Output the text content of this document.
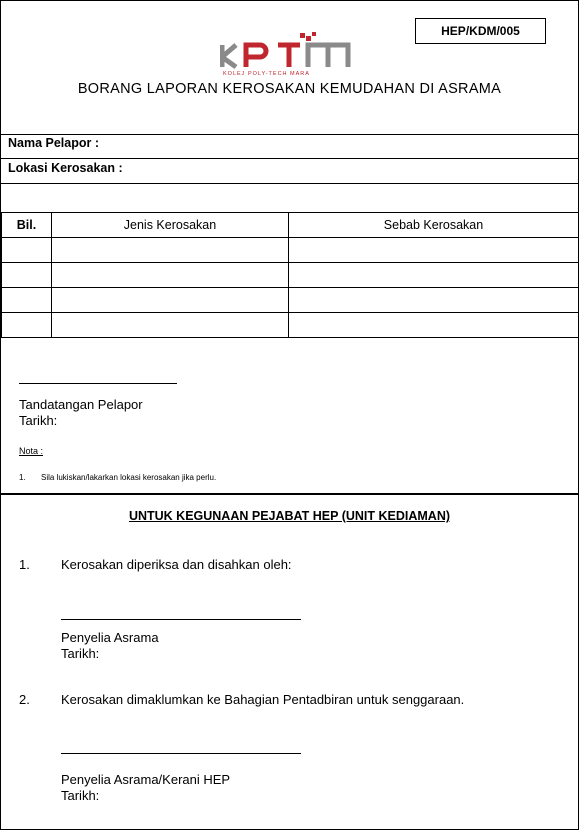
HEP/KDM/005
KOLEJ POLY-TECH MARA
BORANG LAPORAN KEROSAKAN KEMUDAHAN DI ASRAMA
Nama Pelapor :
Lokasi Kerosakan :
Bil.	Jenis Kerosakan	Sebab Kerosakan

Tandatangan Pelapor
Tarikh:
Nota :
1. Sila lukiskan/lakarkan lokasi kerosakan jika perlu.
UNTUK KEGUNAAN PEJABAT HEP (UNIT KEDIAMAN)
1. Kerosakan diperiksa dan disahkan oleh:
Penyelia Asrama
Tarikh:
2. Kerosakan dimaklumkan ke Bahagian Pentadbiran untuk senggaraan.
Penyelia Asrama/Kerani HEP
Tarikh:
